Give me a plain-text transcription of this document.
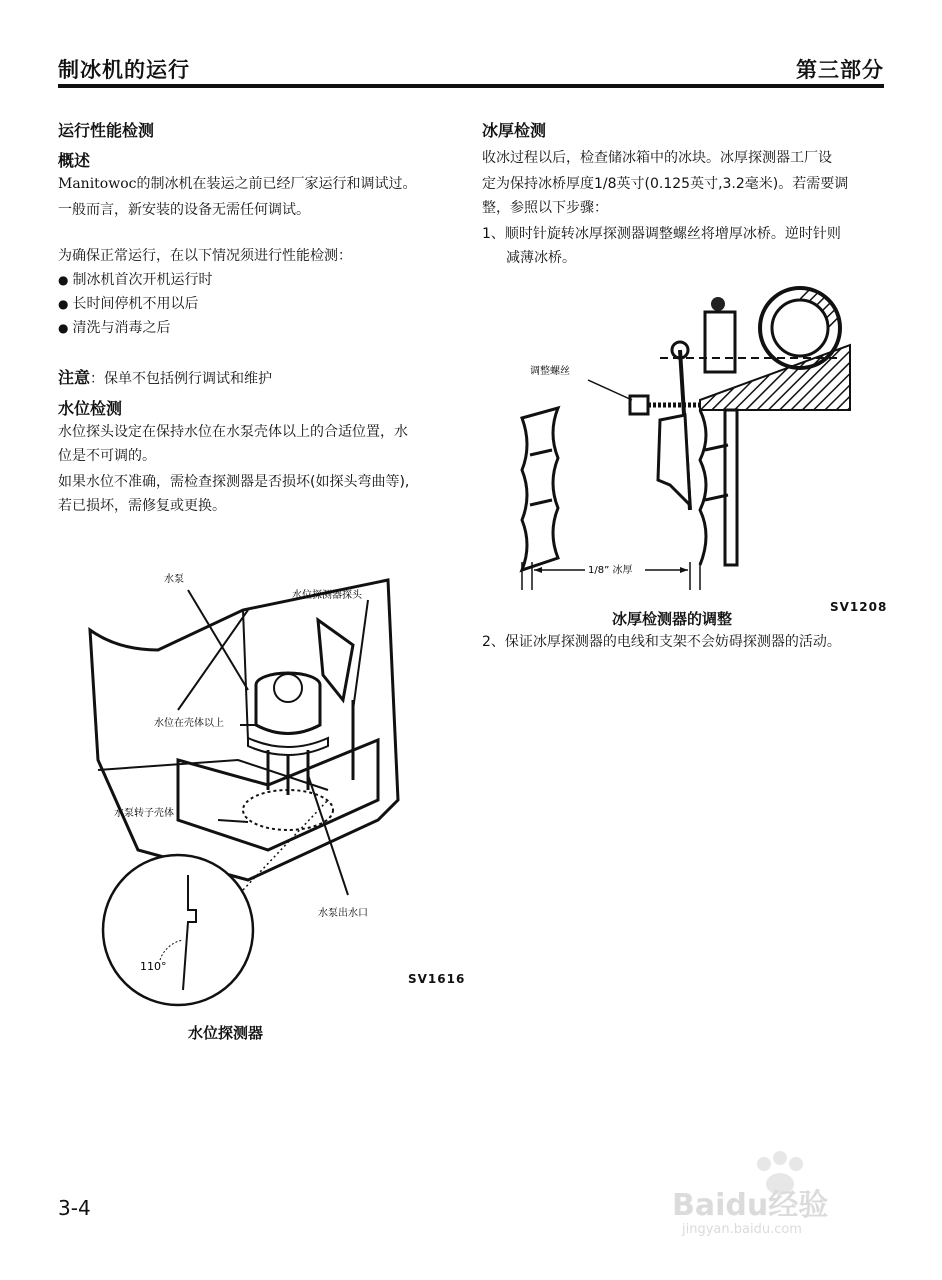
制冰机的运行	第三部分
运行性能检测
概述
Manitowoc的制冰机在装运之前已经厂家运行和调试过。
一般而言，新安装的设备无需任何调试。
为确保正常运行，在以下情况须进行性能检测：
● 制冰机首次开机运行时
● 长时间停机不用以后
● 清洗与消毒之后
注意：保单不包括例行调试和维护
水位检测
水位探头设定在保持水位在水泵壳体以上的合适位置，水
位是不可调的。
如果水位不准确，需检查探测器是否损坏(如探头弯曲等),
若已损坏，需修复或更换。
冰厚检测
收冰过程以后，检查储冰箱中的冰块。冰厚探测器工厂设
定为保持冰桥厚度1/8英寸(0.125英寸,3.2毫米)。若需要调
整，参照以下步骤：
1、顺时针旋转冰厚探测器调整螺丝将增厚冰桥。逆时针则
减薄冰桥。
2、保证冰厚探测器的电线和支架不会妨碍探测器的活动。
调整螺丝
1/8” 冰厚
SV1208
冰厚检测器的调整
110°
水泵
水位探测器探头
水位在壳体以上
水泵转子壳体
水泵出水口
SV1616
水位探测器
3-4	Baidu经验
jingyan.baidu.com
